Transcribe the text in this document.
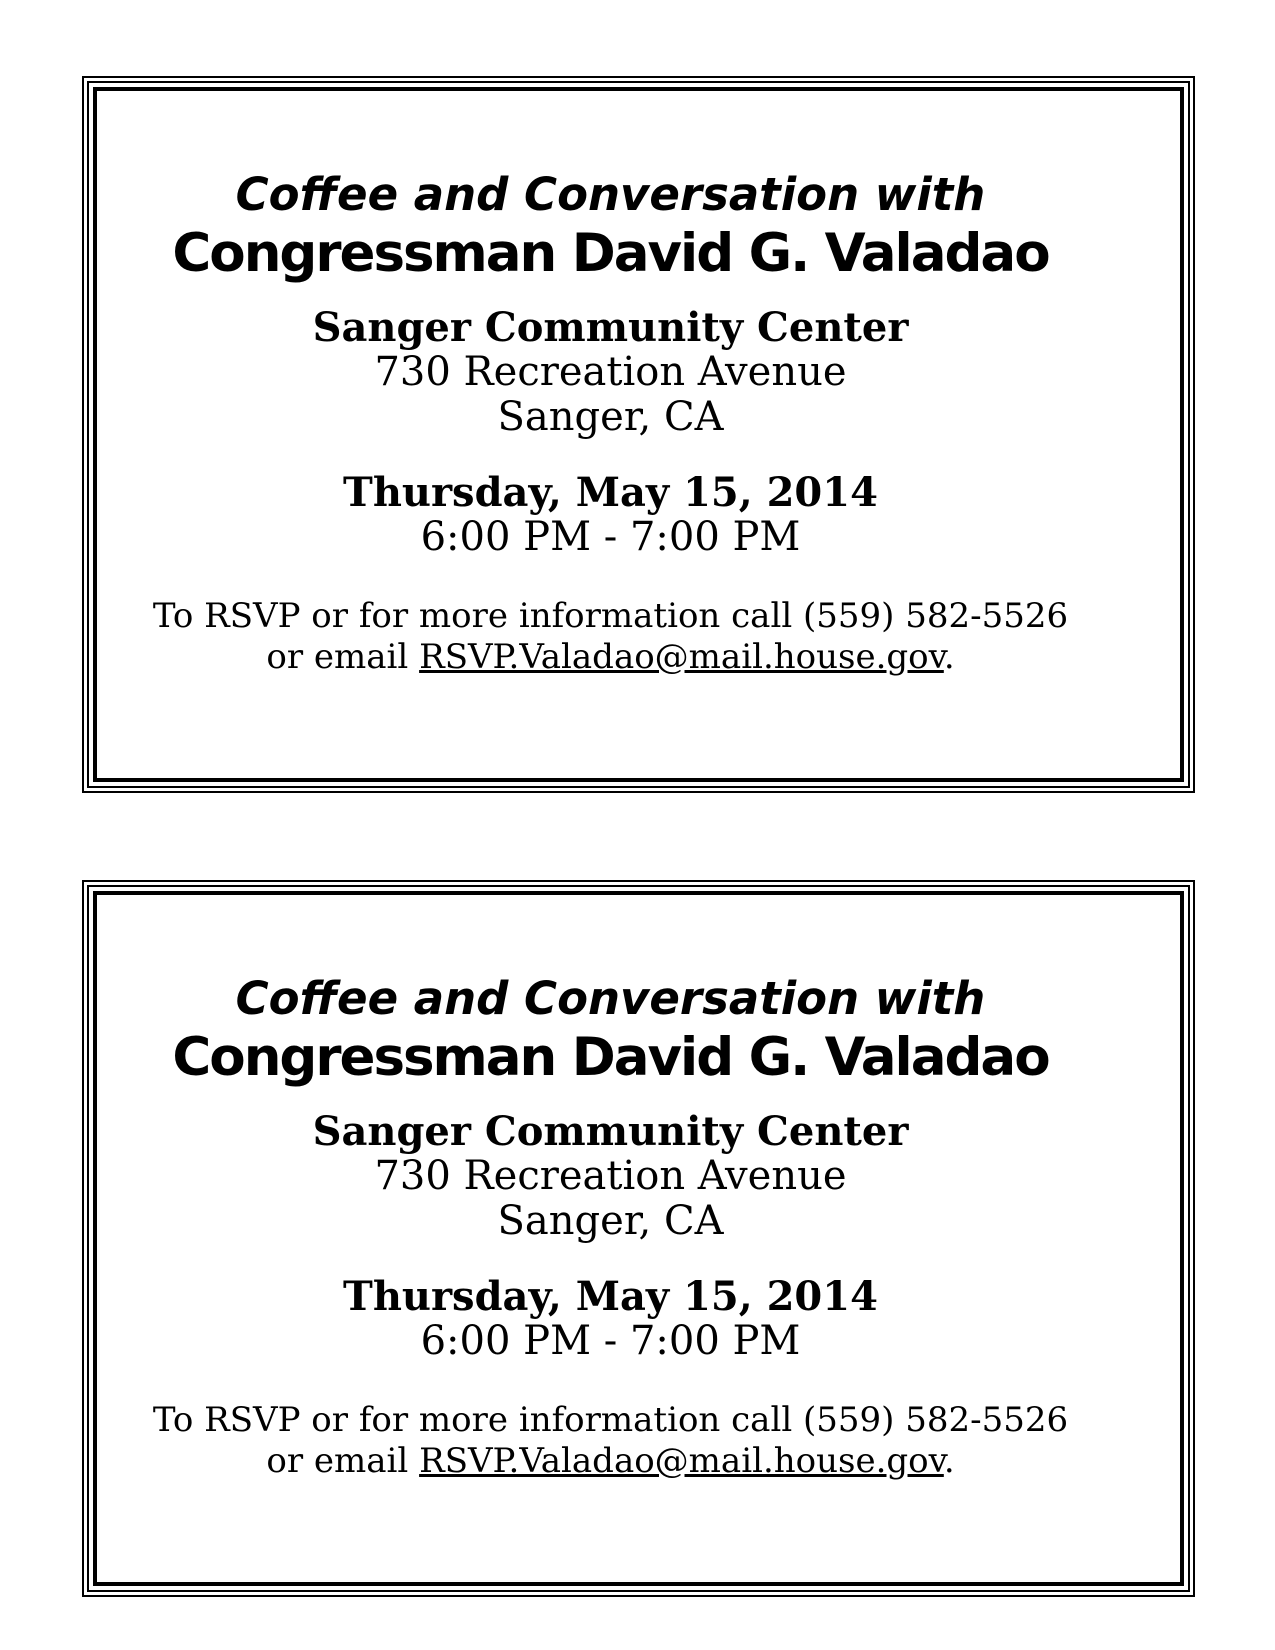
Coffee and Conversation with
Congressman David G. Valadao
Sanger Community Center
730 Recreation Avenue
Sanger, CA
Thursday, May 15, 2014
6:00 PM - 7:00 PM
To RSVP or for more information call (559) 582-5526
or email RSVP.Valadao@mail.house.gov.
Coffee and Conversation with
Congressman David G. Valadao
Sanger Community Center
730 Recreation Avenue
Sanger, CA
Thursday, May 15, 2014
6:00 PM - 7:00 PM
To RSVP or for more information call (559) 582-5526
or email RSVP.Valadao@mail.house.gov.
